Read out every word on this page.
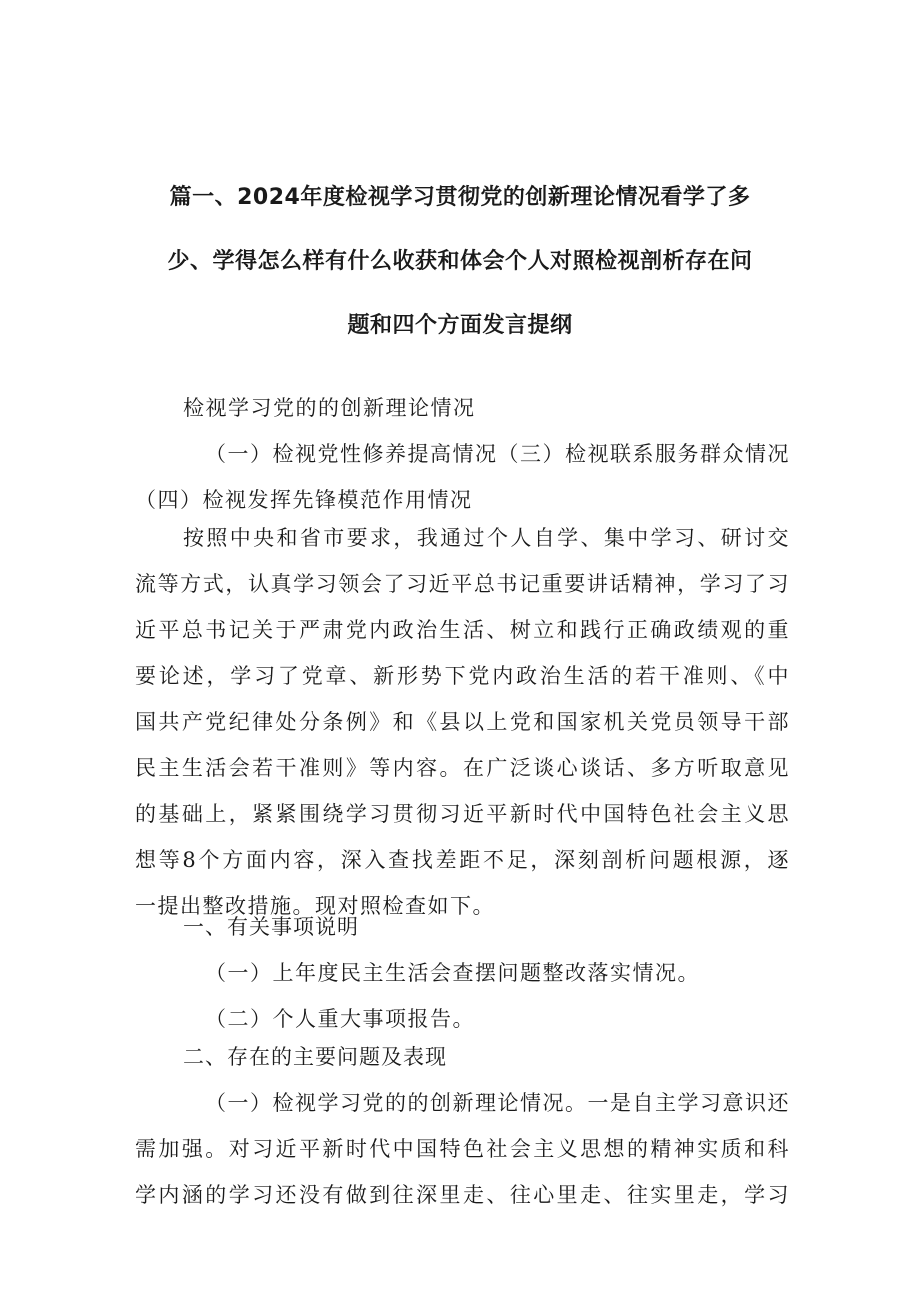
篇一、2024年度检视学习贯彻党的创新理论情况看学了多
少、学得怎么样有什么收获和体会个人对照检视剖析存在问
题和四个方面发言提纲
检视学习党的的创新理论情况
（一）检视党性修养提高情况（三）检视联系服务群众情况
（四）检视发挥先锋模范作用情况
按照中央和省市要求，我通过个人自学、集中学习、研讨交
流等方式，认真学习领会了习近平总书记重要讲话精神，学习了习
近平总书记关于严肃党内政治生活、树立和践行正确政绩观的重
要论述，学习了党章、新形势下党内政治生活的若干准则、《中
国共产党纪律处分条例》和《县以上党和国家机关党员领导干部
民主生活会若干准则》等内容。在广泛谈心谈话、多方听取意见
的基础上，紧紧围绕学习贯彻习近平新时代中国特色社会主义思
想等8个方面内容，深入查找差距不足，深刻剖析问题根源，逐
一提出整改措施。现对照检查如下。
一、有关事项说明
（一）上年度民主生活会查摆问题整改落实情况。
（二）个人重大事项报告。
二、存在的主要问题及表现
（一）检视学习党的的创新理论情况。一是自主学习意识还
需加强。对习近平新时代中国特色社会主义思想的精神实质和科
学内涵的学习还没有做到往深里走、往心里走、往实里走，学习
